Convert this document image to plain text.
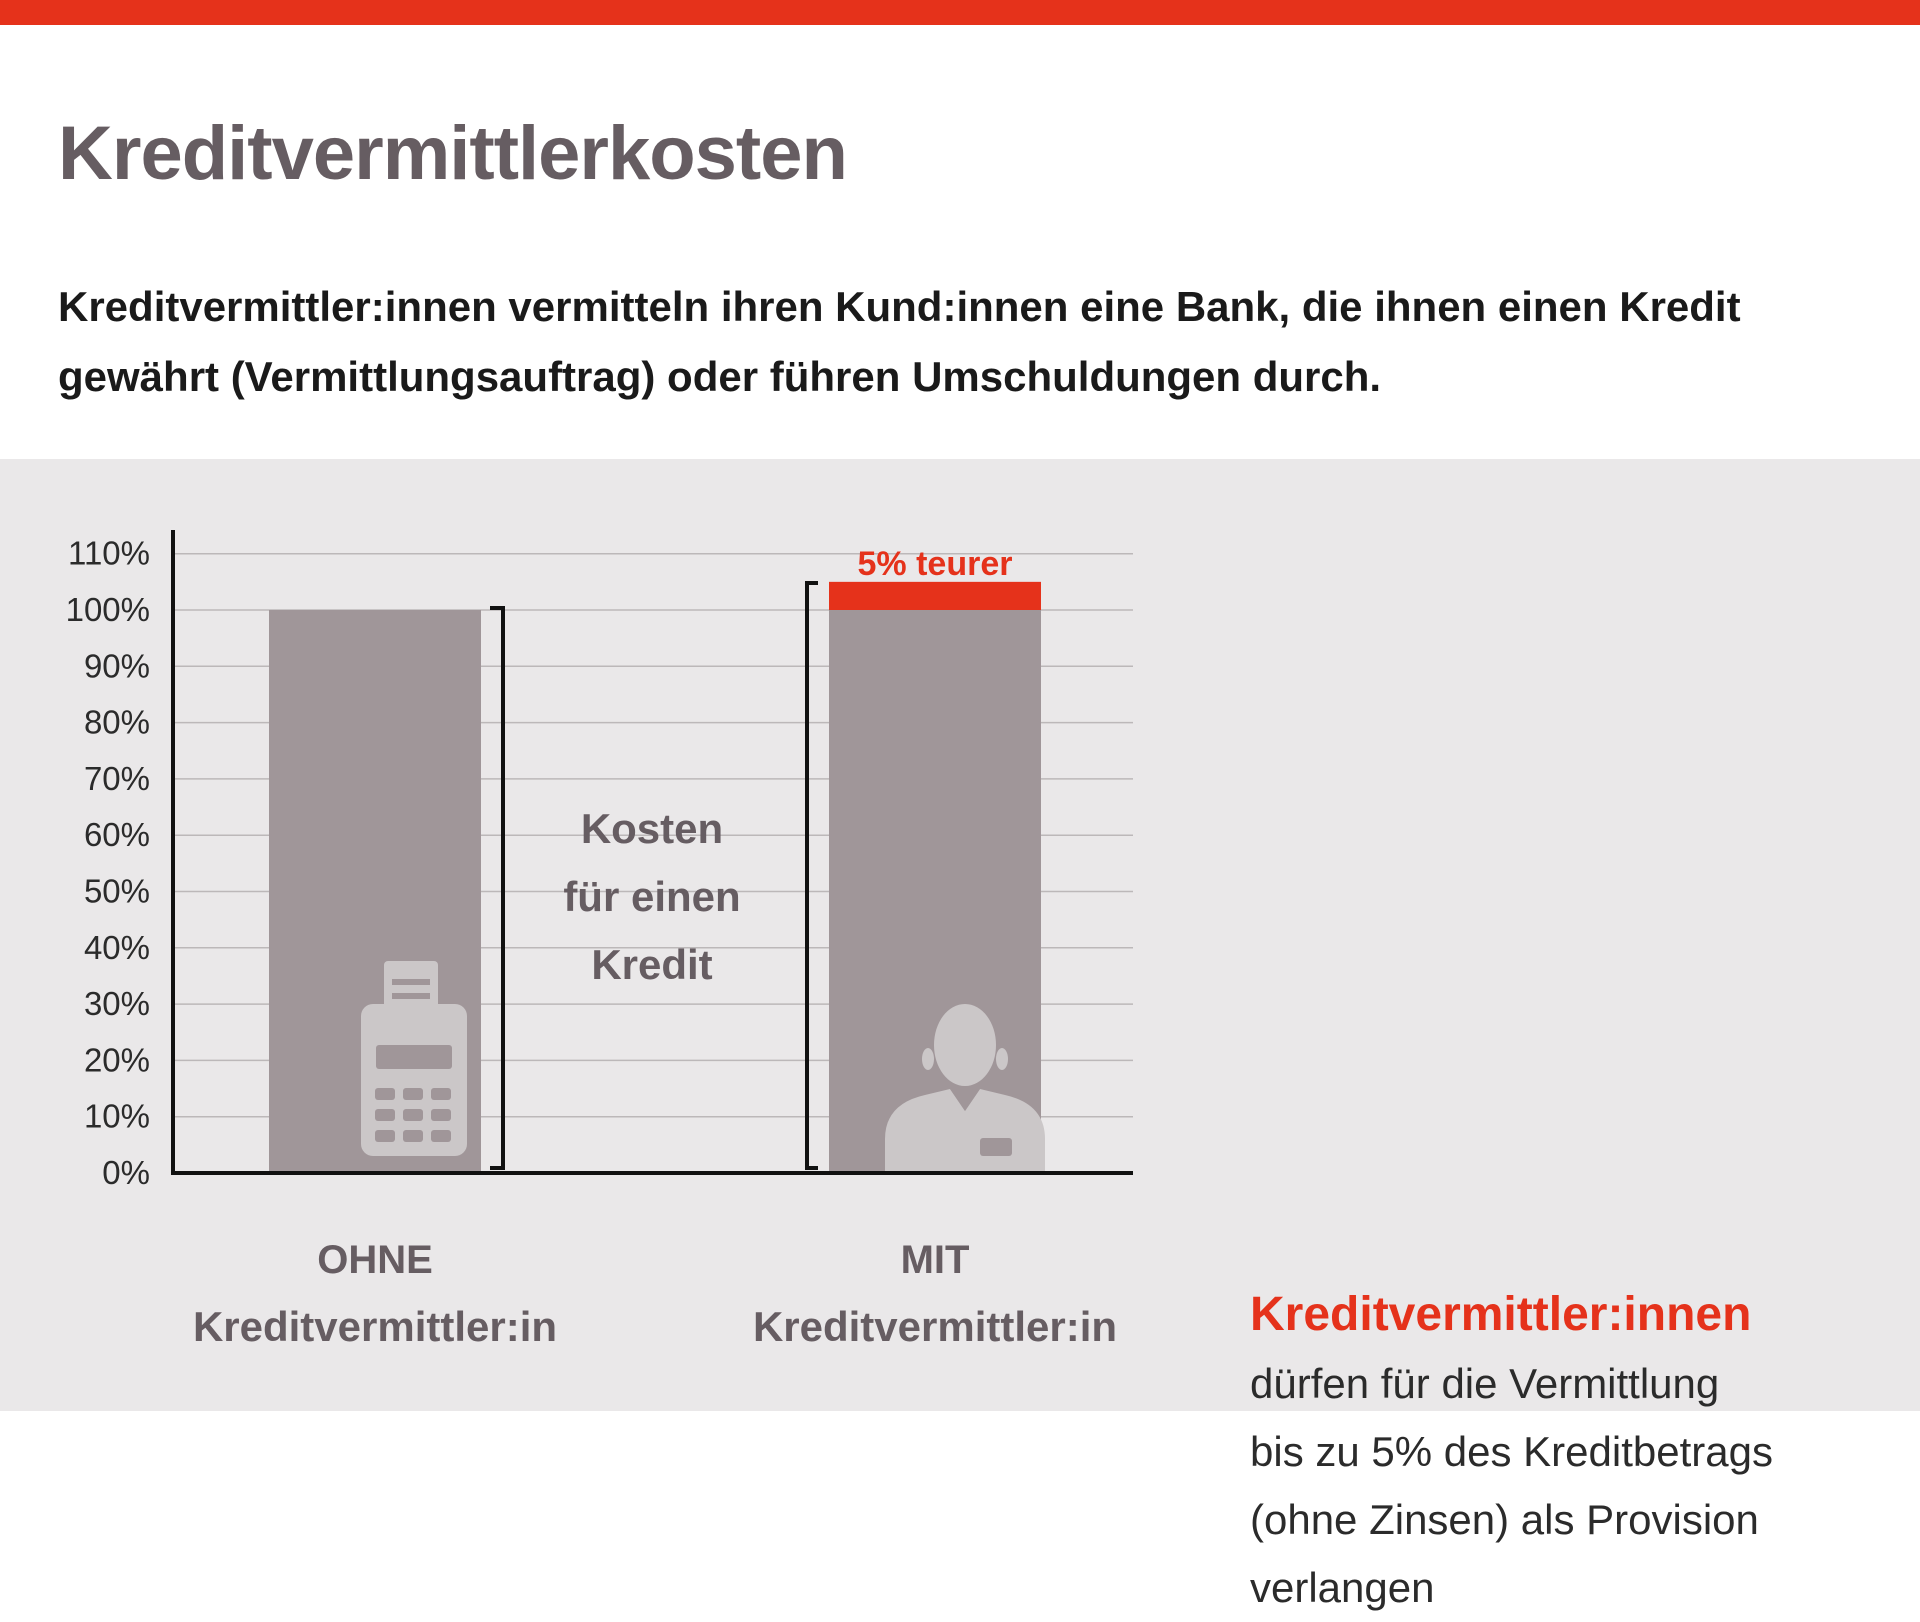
Kreditvermittlerkosten

Kreditvermittler:innen vermitteln ihren Kund:innen eine Bank, die ihnen einen Kredit gewährt (Vermittlungsauftrag) oder führen Umschuldungen durch.

0%
10%
20%
30%
40%
50%
60%
70%
80%
90%
100%
110%	5% teurer
Kosten
für einen
Kredit
OHNE
Kreditvermittler:in
MIT
Kreditvermittler:in	Kreditvermittler:innen
dürfen für die Vermittlung
bis zu 5% des Kreditbetrags
(ohne Zinsen) als Provision
verlangen
